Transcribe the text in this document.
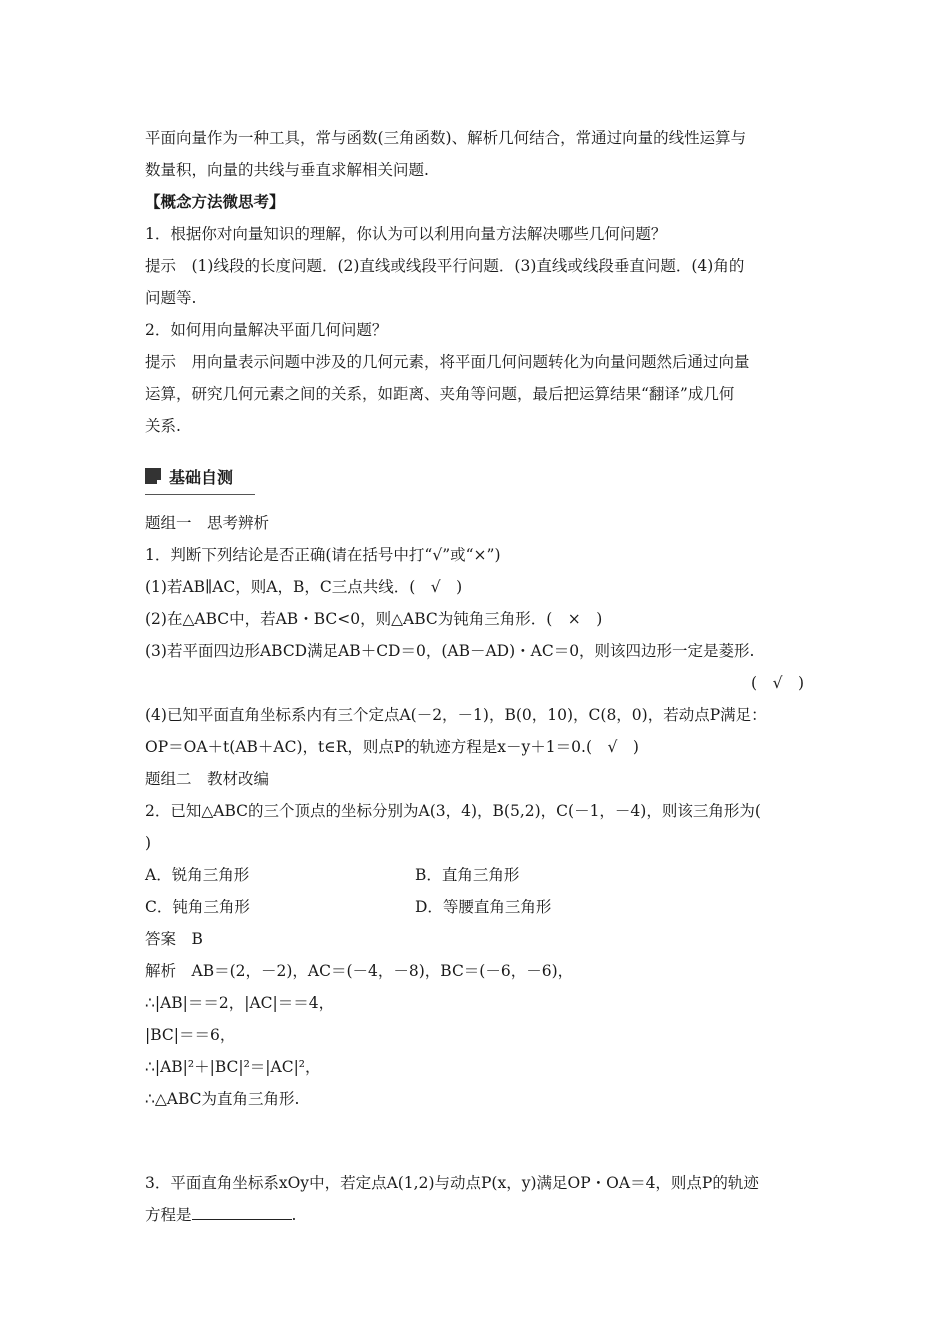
平面向量作为一种工具，常与函数(三角函数)、解析几何结合，常通过向量的线性运算与
数量积，向量的共线与垂直求解相关问题.
【概念方法微思考】
1．根据你对向量知识的理解，你认为可以利用向量方法解决哪些几何问题？
提示　(1)线段的长度问题．(2)直线或线段平行问题．(3)直线或线段垂直问题．(4)角的
问题等.
2．如何用向量解决平面几何问题？
提示　用向量表示问题中涉及的几何元素，将平面几何问题转化为向量问题然后通过向量
运算，研究几何元素之间的关系，如距离、夹角等问题，最后把运算结果“翻译”成几何
关系.
基础自测
题组一　思考辨析
1．判断下列结论是否正确(请在括号中打“√”或“×”)
(1)若AB∥AC，则A，B，C三点共线．(　√　)
(2)在△ABC中，若AB・BC<0，则△ABC为钝角三角形．(　×　)
(3)若平面四边形ABCD满足AB＋CD＝0，(AB－AD)・AC＝0，则该四边形一定是菱形.
(　√　)
(4)已知平面直角坐标系内有三个定点A(－2，－1)，B(0，10)，C(8，0)，若动点P满足：
OP＝OA＋t(AB＋AC)，t∈R，则点P的轨迹方程是x－y＋1＝0.(　√　)
题组二　教材改编
2．已知△ABC的三个顶点的坐标分别为A(3，4)，B(5,2)，C(－1，－4)，则该三角形为(
)
A．锐角三角形	B．直角三角形
C．钝角三角形	D．等腰直角三角形
答案　B
解析　AB＝(2，－2)，AC＝(－4，－8)，BC＝(－6，－6)，
∴|AB|＝＝2，|AC|＝＝4，
|BC|＝＝6，
∴|AB|²＋|BC|²＝|AC|²，
∴△ABC为直角三角形.
3．平面直角坐标系xOy中，若定点A(1,2)与动点P(x，y)满足OP・OA＝4，则点P的轨迹
方程是	.
